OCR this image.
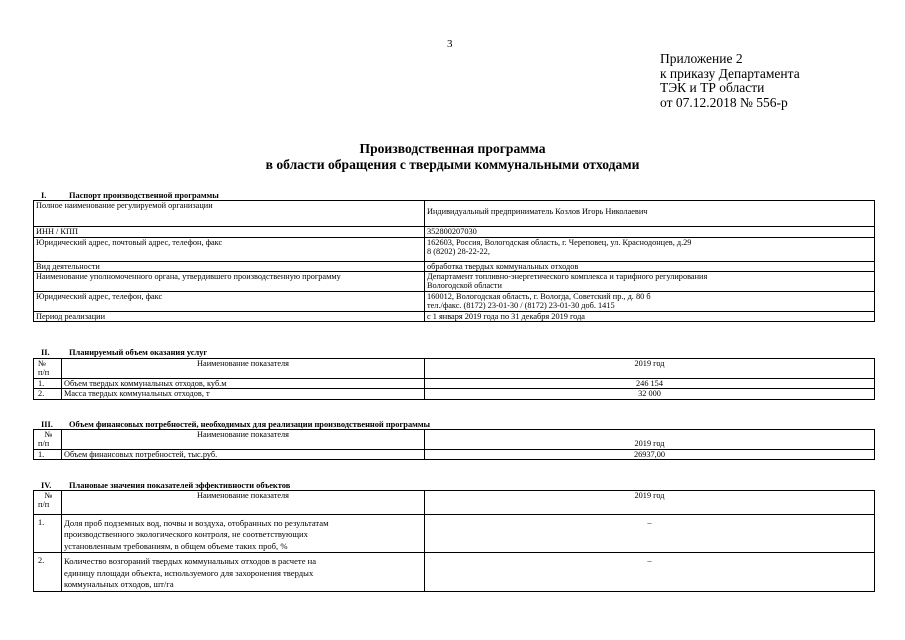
3
Приложение 2
к приказу Департамента
ТЭК и ТР области
от 07.12.2018 № 556-р
Производственная программа
в области обращения с твердыми коммунальными отходами
I.	Паспорт производственной программы
Полное наименование регулируемой организации	Индивидуальный предприниматель Козлов Игорь Николаевич

ИНН / КПП	352800207030
Юридический адрес, почтовый адрес, телефон, факс	162603, Россия, Вологодская область, г. Череповец, ул. Краснодонцев, д.29
8 (8202) 28-22-22,

Вид деятельности	обработка твердых коммунальных отходов
Наименование уполномоченного органа, утвердившего производственную программу	Департамент топливно-энергетического комплекса и тарифного регулирования
Вологодской области

Юридический адрес, телефон, факс	160012, Вологодская область, г. Вологда, Советский пр., д. 80 б
тел./факс. (8172) 23-01-30 / (8172) 23-01-30 доб. 1415

Период реализации	с 1 января 2019 года по 31 декабря 2019 года
II. Планируемый объем оказания услуг
№
п/п	Наименование показателя	2019 год
1.	Объем твердых коммунальных отходов, куб.м	246 154
2.	Масса твердых коммунальных отходов, т	32 000
III. Объем финансовых потребностей, необходимых для реализации производственной программы
№
п/п	Наименование показателя	2019 год

1.	Объем финансовых потребностей, тыс.руб.	26937,00
IV. Плановые значения показателей эффективности объектов
№
п/п	Наименование показателя	2019 год
1.	Доля проб подземных вод, почвы и воздуха, отобранных по результатам
производственного экологического контроля, не соответствующих
установленным требованиям, в общем объеме таких проб, %	–
2.	Количество возгораний твердых коммунальных отходов в расчете на
единицу площади объекта, используемого для захоронения твердых
коммунальных отходов, шт/га	–
